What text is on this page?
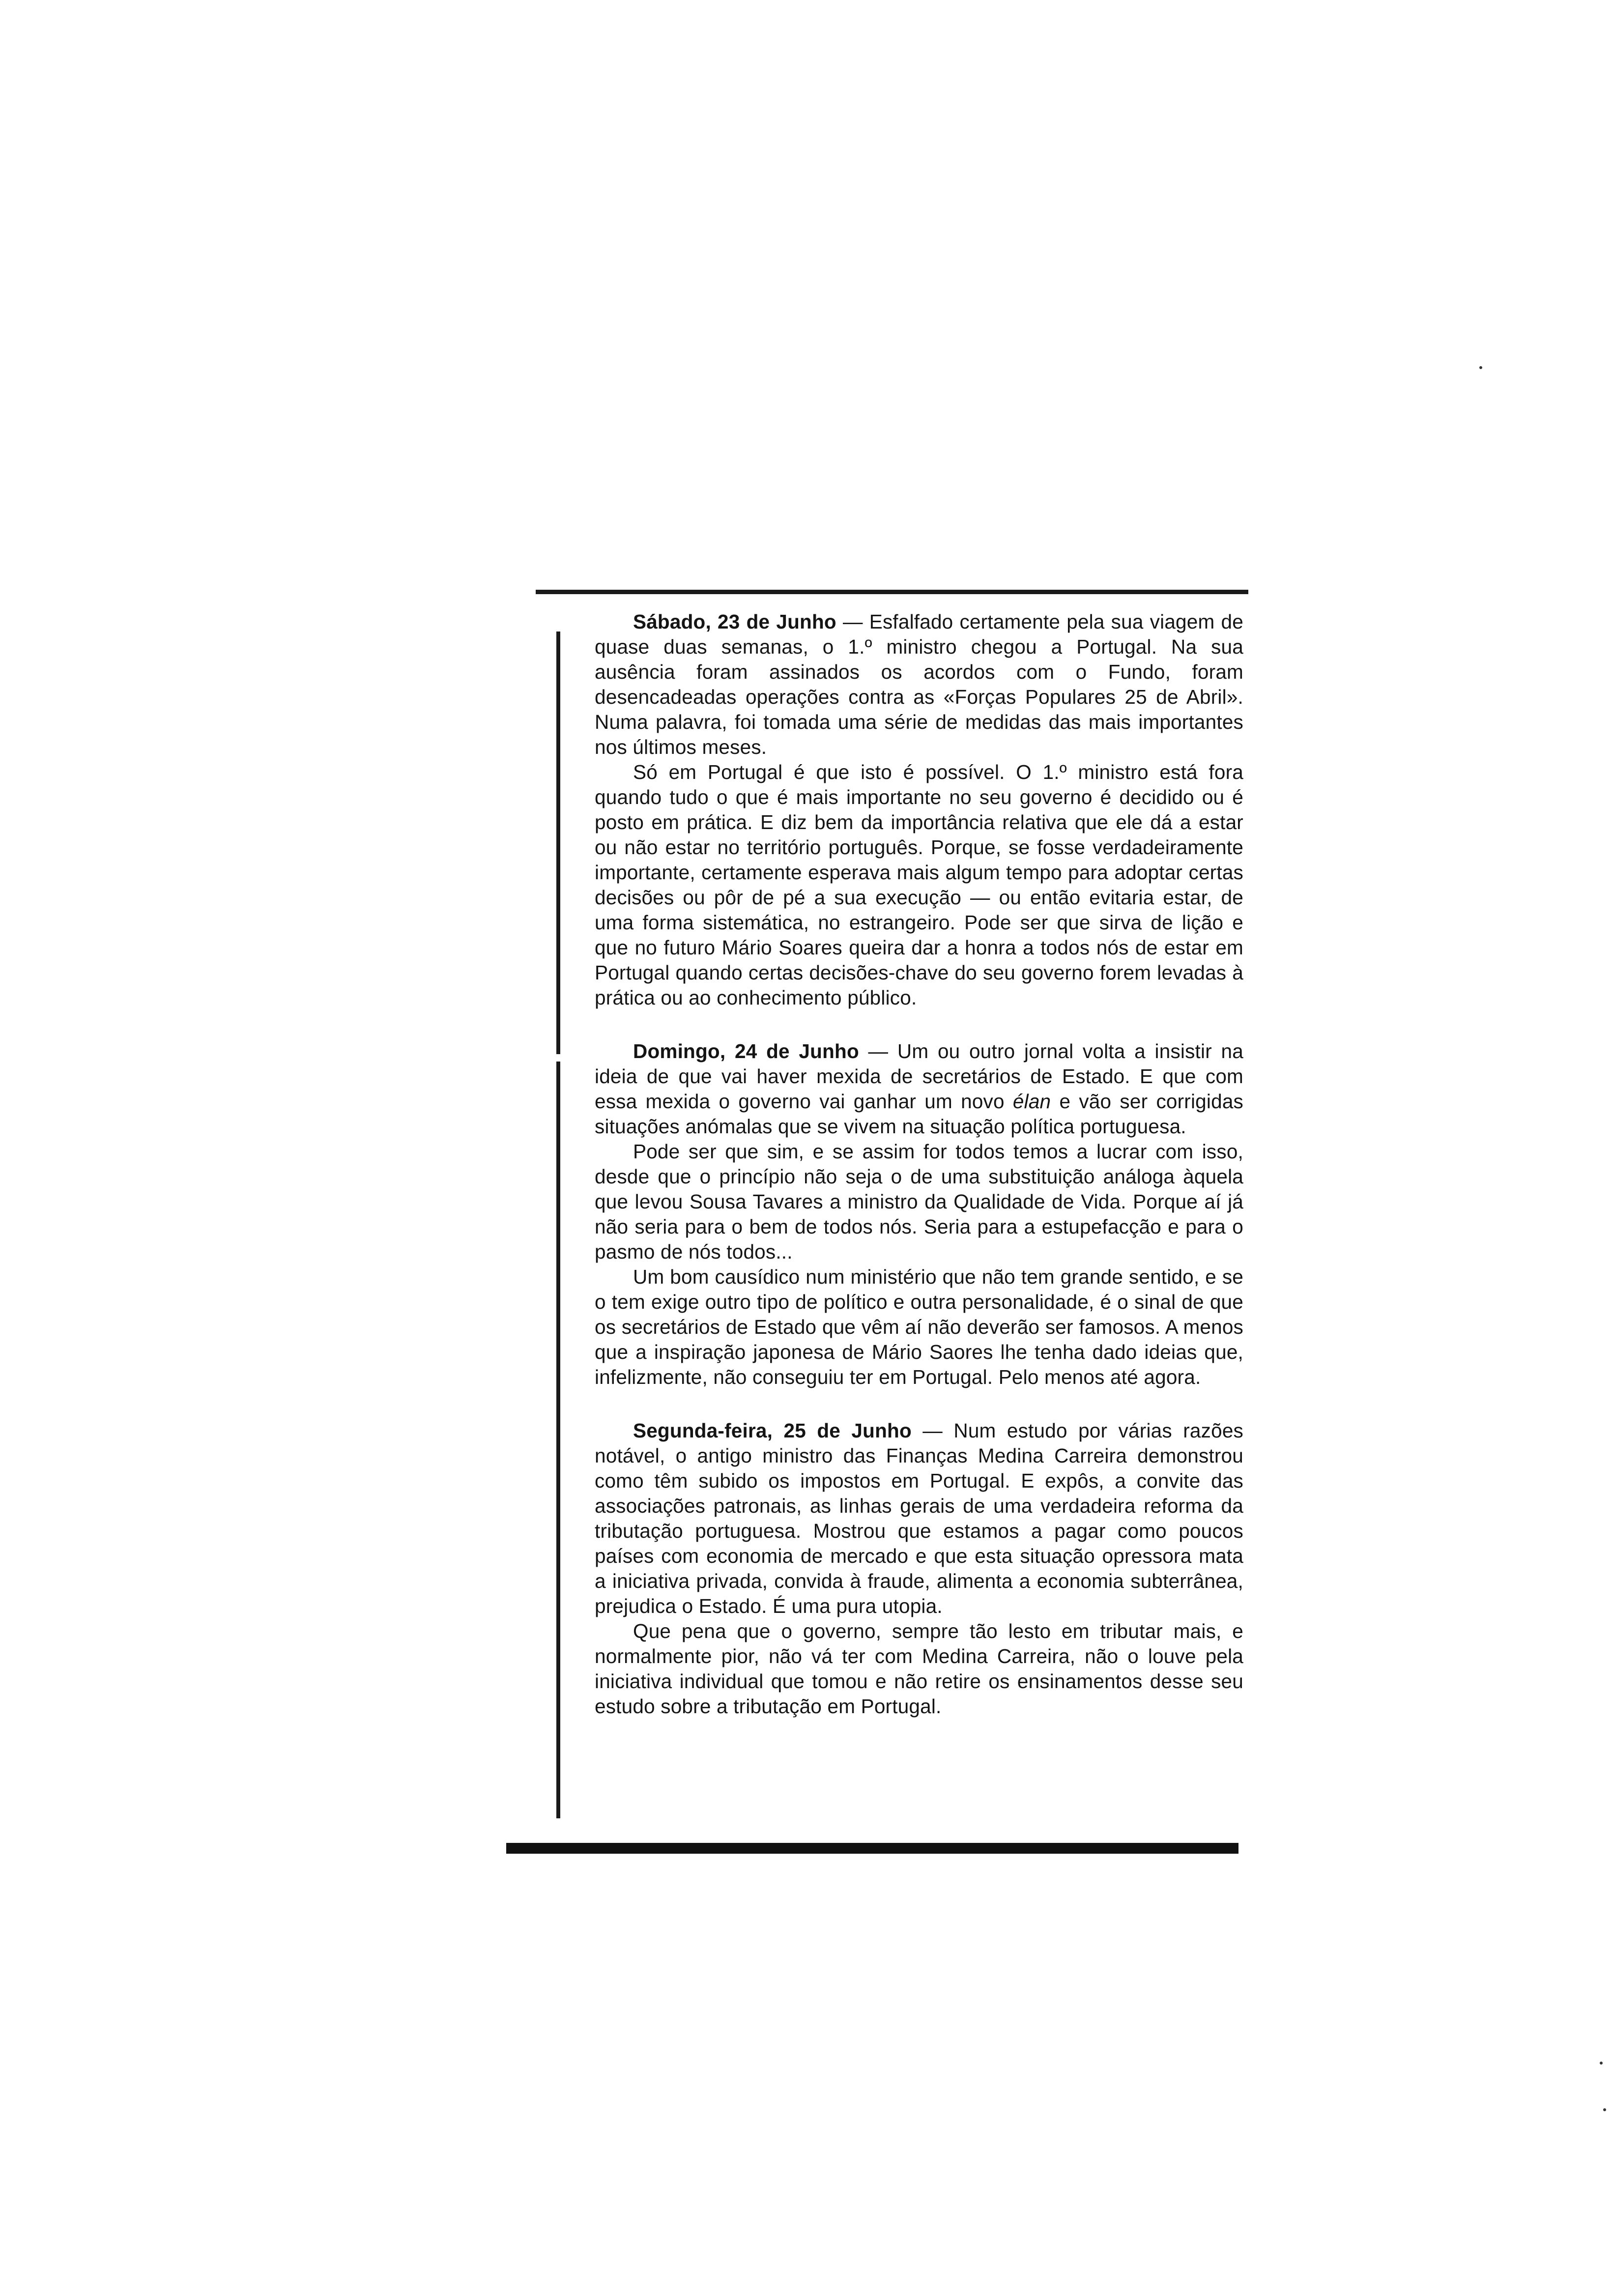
Sábado, 23 de Junho — Esfalfado certamente pela sua viagem de quase duas semanas, o 1.º ministro chegou a Portugal. Na sua ausência foram assinados os acordos com o Fundo, foram desencadeadas operações contra as «Forças Populares 25 de Abril». Numa palavra, foi tomada uma série de medidas das mais importantes nos últimos meses.

Só em Portugal é que isto é possível. O 1.º ministro está fora quando tudo o que é mais importante no seu governo é decidido ou é posto em prática. E diz bem da importância relativa que ele dá a estar ou não estar no território português. Porque, se fosse verdadeiramente importante, certamente esperava mais algum tempo para adoptar certas decisões ou pôr de pé a sua execução — ou então evitaria estar, de uma forma sistemática, no estrangeiro. Pode ser que sirva de lição e que no futuro Mário Soares queira dar a honra a todos nós de estar em Portugal quando certas decisões-chave do seu governo forem levadas à prática ou ao conhecimento público.

Domingo, 24 de Junho — Um ou outro jornal volta a insistir na ideia de que vai haver mexida de secretários de Estado. E que com essa mexida o governo vai ganhar um novo élan e vão ser corrigidas situações anómalas que se vivem na situação política portuguesa.

Pode ser que sim, e se assim for todos temos a lucrar com isso, desde que o princípio não seja o de uma substituição análoga àquela que levou Sousa Tavares a ministro da Qualidade de Vida. Porque aí já não seria para o bem de todos nós. Seria para a estupefacção e para o pasmo de nós todos...

Um bom causídico num ministério que não tem grande sentido, e se o tem exige outro tipo de político e outra personalidade, é o sinal de que os secretários de Estado que vêm aí não deverão ser famosos. A menos que a inspiração japonesa de Mário Saores lhe tenha dado ideias que, infelizmente, não conseguiu ter em Portugal. Pelo menos até agora.

Segunda-feira, 25 de Junho — Num estudo por várias razões notável, o antigo ministro das Finanças Medina Carreira demonstrou como têm subido os impostos em Portugal. E expôs, a convite das associações patronais, as linhas gerais de uma verdadeira reforma da tributação portuguesa. Mostrou que estamos a pagar como poucos países com economia de mercado e que esta situação opressora mata a iniciativa privada, convida à fraude, alimenta a economia subterrânea, prejudica o Estado. É uma pura utopia.

Que pena que o governo, sempre tão lesto em tributar mais, e normalmente pior, não vá ter com Medina Carreira, não o louve pela iniciativa individual que tomou e não retire os ensinamentos desse seu estudo sobre a tributação em Portugal.
